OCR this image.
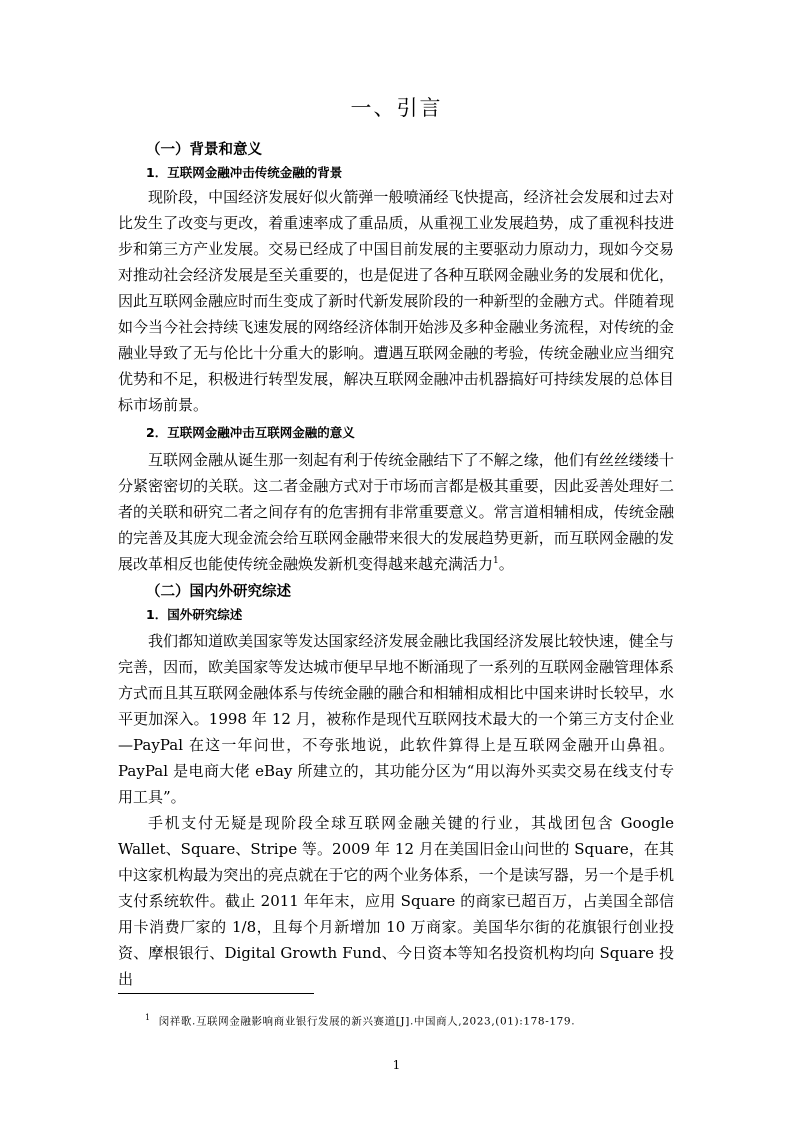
一、引言
（一）背景和意义
1．互联网金融冲击传统金融的背景

现阶段，中国经济发展好似火箭弹一般喷涌经飞快提高，经济社会发展和过去对比发生了改变与更改，着重速率成了重品质，从重视工业发展趋势，成了重视科技进步和第三方产业发展。交易已经成了中国目前发展的主要驱动力原动力，现如今交易对推动社会经济发展是至关重要的，也是促进了各种互联网金融业务的发展和优化，因此互联网金融应时而生变成了新时代新发展阶段的一种新型的金融方式。伴随着现如今当今社会持续飞速发展的网络经济体制开始涉及多种金融业务流程，对传统的金融业导致了无与伦比十分重大的影响。遭遇互联网金融的考验，传统金融业应当细究优势和不足，积极进行转型发展，解决互联网金融冲击机器搞好可持续发展的总体目标市场前景。

2．互联网金融冲击互联网金融的意义

互联网金融从诞生那一刻起有利于传统金融结下了不解之缘，他们有丝丝缕缕十分紧密密切的关联。这二者金融方式对于市场而言都是极其重要，因此妥善处理好二者的关联和研究二者之间存有的危害拥有非常重要意义。常言道相辅相成，传统金融的完善及其庞大现金流会给互联网金融带来很大的发展趋势更新，而互联网金融的发展改革相反也能使传统金融焕发新机变得越来越充满活力$^1$。

（二）国内外研究综述
1．国外研究综述

我们都知道欧美国家等发达国家经济发展金融比我国经济发展比较快速，健全与完善，因而，欧美国家等发达城市便早早地不断涌现了一系列的互联网金融管理体系方式而且其互联网金融体系与传统金融的融合和相辅相成相比中国来讲时长较早，水平更加深入。1998 年 12 月，被称作是现代互联网技术最大的一个第三方支付企业—PayPal 在这一年问世，不夸张地说，此软件算得上是互联网金融开山鼻祖。PayPal 是电商大佬 eBay 所建立的，其功能分区为“用以海外买卖交易在线支付专用工具”。

手机支付无疑是现阶段全球互联网金融关键的行业，其战团包含 Google Wallet、Square、Stripe 等。2009 年 12 月在美国旧金山问世的 Square，在其中这家机构最为突出的亮点就在于它的两个业务体系，一个是读写器，另一个是手机支付系统软件。截止 2011 年年末，应用 Square 的商家已超百万，占美国全部信用卡消费厂家的 1/8，且每个月新增加 10 万商家。美国华尔街的花旗银行创业投资、摩根银行、Digital Growth Fund、今日资本等知名投资机构均向 Square 投出

$^1$ 闵祥歌.互联网金融影响商业银行发展的新兴赛道[J].中国商人,2023,(01):178-179.
1
